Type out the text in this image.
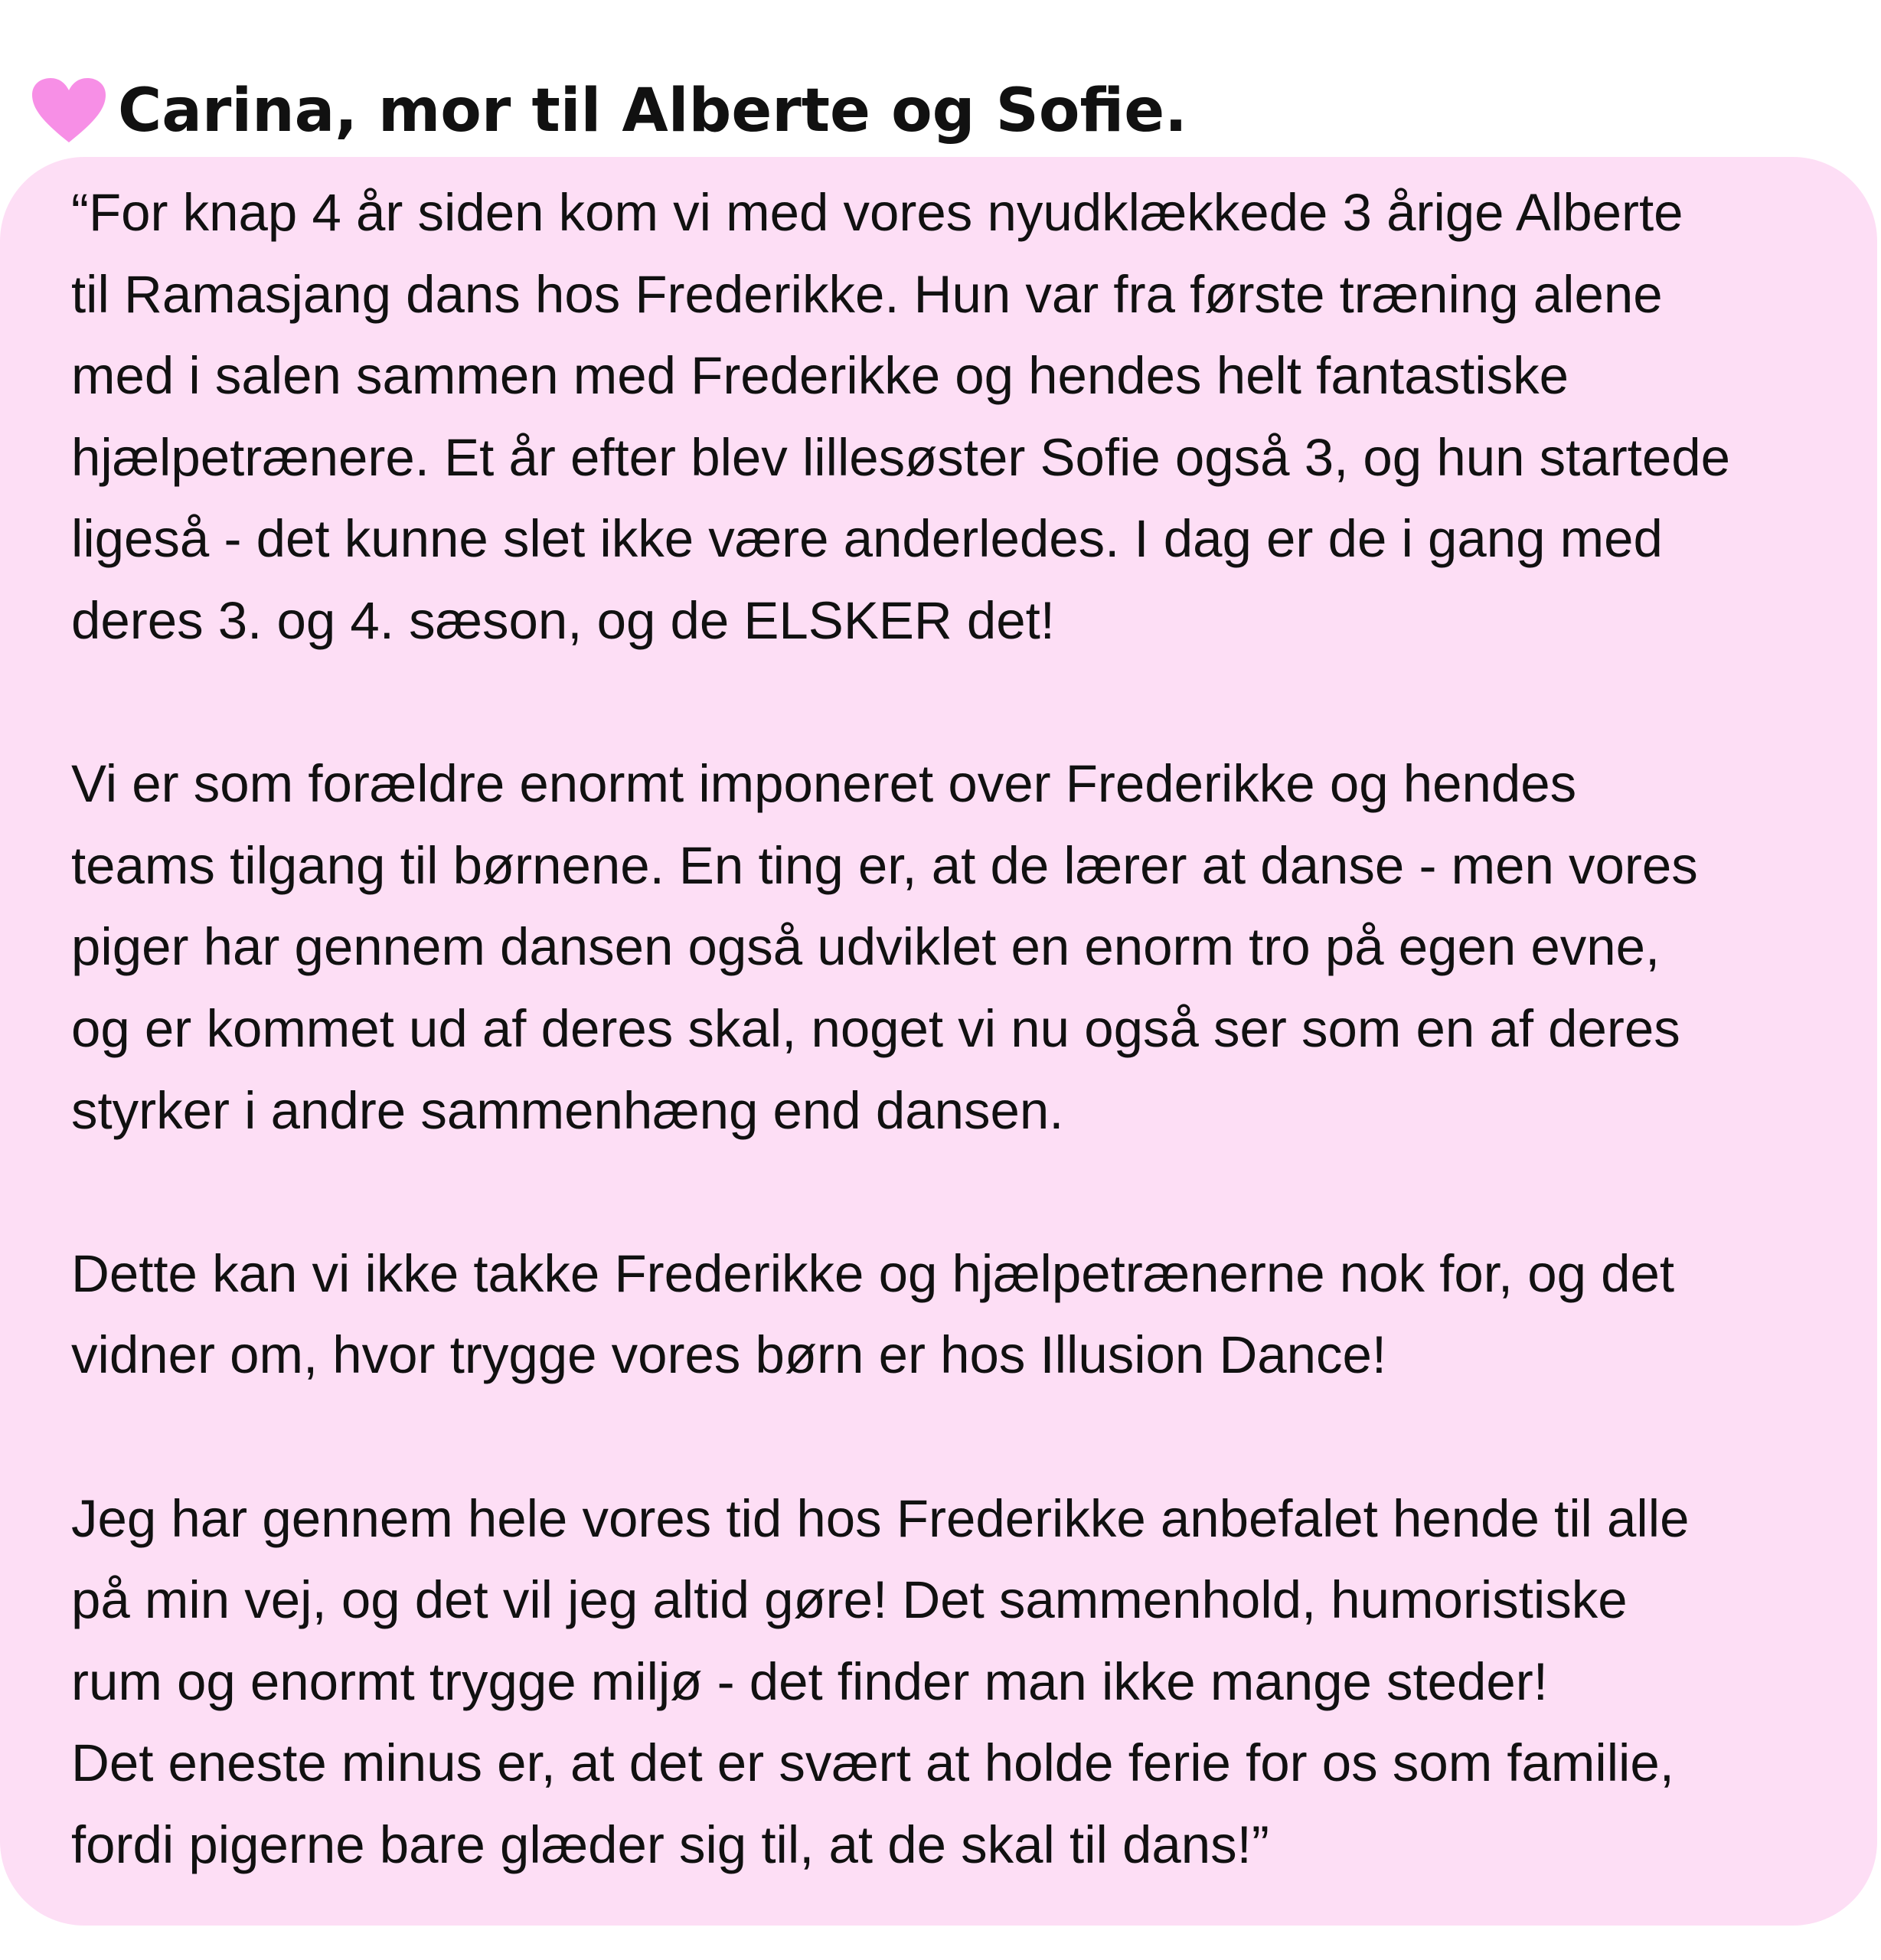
Carina, mor til Alberte og Sofie.
“For knap 4 år siden kom vi med vores nyudklækkede 3 årige Alberte
til Ramasjang dans hos Frederikke. Hun var fra første træning alene
med i salen sammen med Frederikke og hendes helt fantastiske
hjælpetrænere. Et år efter blev lillesøster Sofie også 3, og hun startede
ligeså - det kunne slet ikke være anderledes. I dag er de i gang med
deres 3. og 4. sæson, og de ELSKER det!
Vi er som forældre enormt imponeret over Frederikke og hendes
teams tilgang til børnene. En ting er, at de lærer at danse - men vores
piger har gennem dansen også udviklet en enorm tro på egen evne,
og er kommet ud af deres skal, noget vi nu også ser som en af deres
styrker i andre sammenhæng end dansen.
Dette kan vi ikke takke Frederikke og hjælpetrænerne nok for, og det
vidner om, hvor trygge vores børn er hos Illusion Dance!
Jeg har gennem hele vores tid hos Frederikke anbefalet hende til alle
på min vej, og det vil jeg altid gøre! Det sammenhold, humoristiske
rum og enormt trygge miljø - det finder man ikke mange steder!
Det eneste minus er, at det er svært at holde ferie for os som familie,
fordi pigerne bare glæder sig til, at de skal til dans!”
